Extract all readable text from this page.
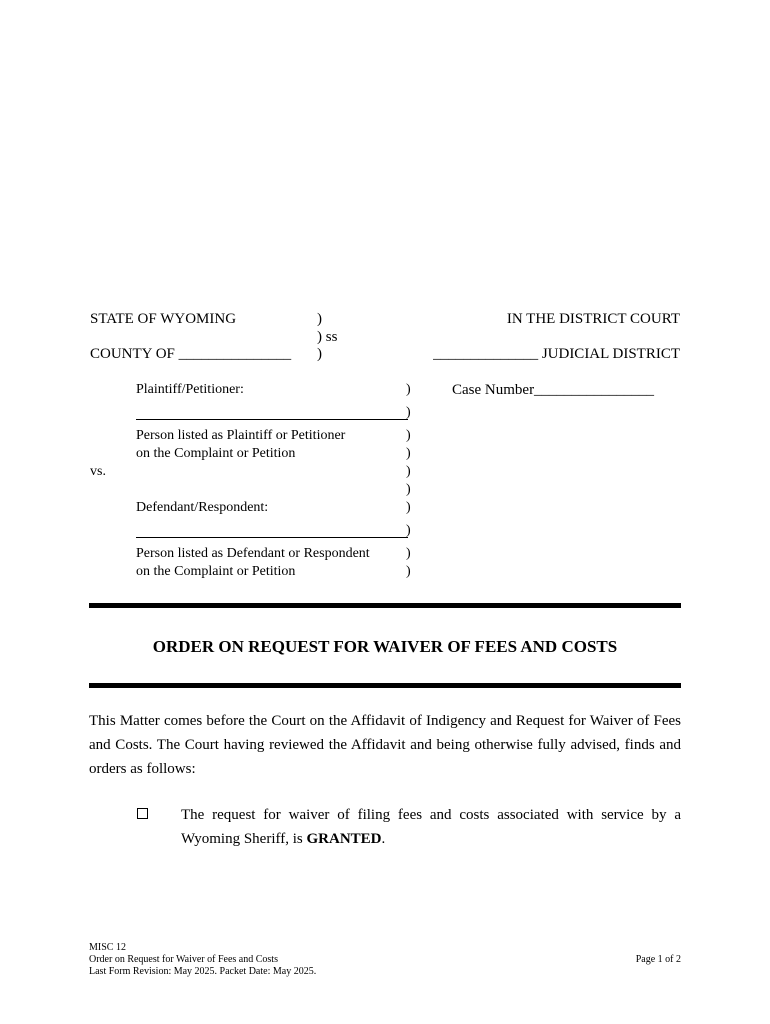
STATE OF WYOMING
COUNTY OF _______________
)
) ss
)
IN THE DISTRICT COURT
______________ JUDICIAL DISTRICT
Case Number________________
Plaintiff/Petitioner:
Person listed as Plaintiff or Petitioner
on the Complaint or Petition
vs.
Defendant/Respondent:
Person listed as Defendant or Respondent
on the Complaint or Petition
)
)
)
)
)
)
)
)
)
)
ORDER ON REQUEST FOR WAIVER OF FEES AND COSTS
This Matter comes before the Court on the Affidavit of Indigency and Request for Waiver of Fees and Costs. The Court having reviewed the Affidavit and being otherwise fully advised, finds and orders as follows:
The request for waiver of filing fees and costs associated with service by a Wyoming Sheriff, is GRANTED.
MISC 12
Order on Request for Waiver of Fees and Costs
Last Form Revision: May 2025. Packet Date: May 2025.
Page 1 of 2
